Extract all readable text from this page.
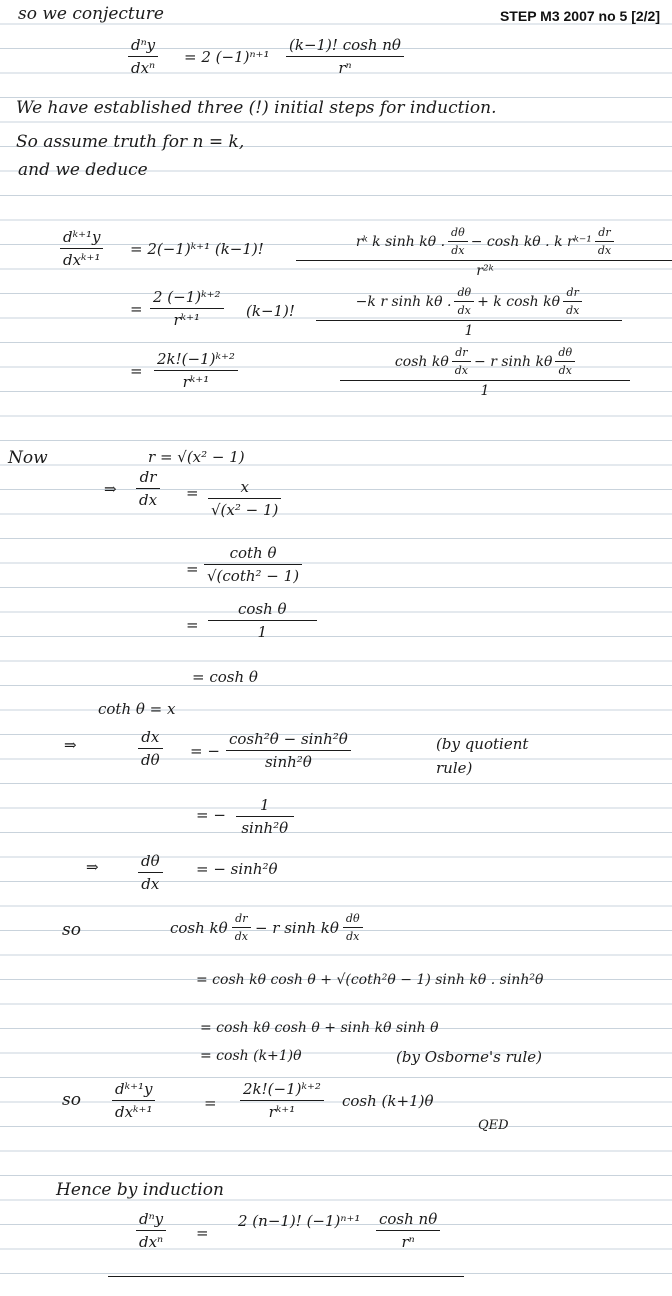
STEP M3 2007 no 5 [2/2]
so we conjecture
dⁿy
dxⁿ
= 2 (−1)ⁿ⁺¹
(k−1)! cosh nθ
rⁿ
We have established three (!) initial steps for induction.
So assume truth for n = k,
and we deduce
dᵏ⁺¹y
dxᵏ⁺¹
= 2(−1)ᵏ⁺¹ (k−1)!	rᵏ k sinh kθ . $\frac{d\theta}{dx} - \cosh k\theta$ . k rᵏ⁻¹ $\frac{dr}{dx}$
r²ᵏ
=
2 (−1)ᵏ⁺²
rᵏ⁺¹	(k−1)!
−k r sinh kθ . $\frac{d\theta}{dx} + k$ cosh kθ $\frac{dr}{dx}$
1
=
2k!(−1)ᵏ⁺²
rᵏ⁺¹
cosh kθ $\frac{dr}{dx} - r$ sinh kθ $\frac{d\theta}{dx}$
1
Now	r = √(x² − 1)
⇒
dr
dx =	x
√(x² − 1)
=
coth θ
√(coth² − 1)
=
cosh θ
1
= cosh θ
coth θ = x
⇒	dx
dθ = −
cosh²θ − sinh²θ
sinh²θ
(by quotient rule)
= −
1
sinh²θ
⇒	dθ
dx
= − sinh²θ
so	cosh kθ $\frac{dr}{dx} - r$ sinh kθ $\frac{d\theta}{dx}$
= cosh kθ cosh θ + √(coth²θ − 1) sinh kθ . sinh²θ
= cosh kθ cosh θ + sinh kθ sinh θ
= cosh (k+1)θ	(by Osborne's rule)
so
dᵏ⁺¹y
dxᵏ⁺¹	=
2k!(−1)ᵏ⁺²
rᵏ⁺¹
cosh (k+1)θ
QED
Hence by induction
dⁿy
dxⁿ =
2 (n−1)! (−1)ⁿ⁺¹ cosh nθ
rⁿ
